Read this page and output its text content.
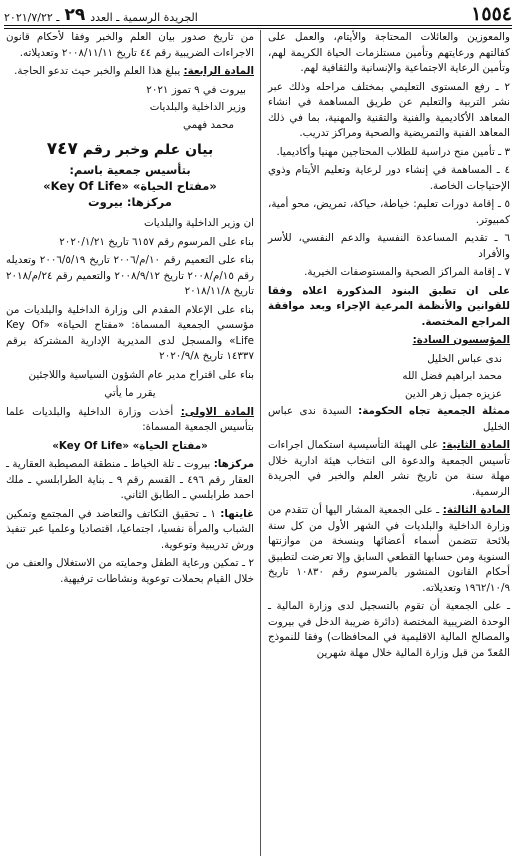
١٥٥٤
الجريدة الرسمية ـ العدد
٢٩
ـ ٢٠٢١/٧/٢٢

والمعوزين والعائلات المحتاجة والأيتام، والعمل على كفالتهم ورعايتهم وتأمين مستلزمات الحياة الكريمة لهم، وتأمين الرعاية الاجتماعية والإنسانية والثقافية لهم.

٢ ـ رفع المستوى التعليمي بمختلف مراحله وذلك عبر نشر التربية والتعليم عن طريق المساهمة في انشاء المعاهد الأكاديمية والفنية والتقنية والمهنية، بما في ذلك المعاهد الفنية والتمريضية والصحية ومراكز تدريب.

٣ ـ تأمين منح دراسية للطلاب المحتاجين مهنيا وأكاديميا.

٤ ـ المساهمة في إنشاء دور لرعاية وتعليم الأيتام وذوي الإحتياجات الخاصة.

٥ ـ إقامة دورات تعليم: خياطة، حياكة، تمريض، محو أمية، كمبيوتر.

٦ ـ تقديم المساعدة النفسية والدعم النفسي، للأسر والأفراد

٧ ـ إقامة المراكز الصحية والمستوصفات الخيرية.

على ان تطبق البنود المذكورة اعلاه وفقا للقوانين والأنظمة المرعية الإجراء وبعد موافقة المراجع المختصة.

المؤسسون السادة:

ندى عباس الخليل

محمد ابراهيم فضل الله

عزيزه جميل زهر الدين

ممثلة الجمعية تجاه الحكومة: السيدة ندى عباس الخليل

المادة الثانية: على الهيئة التأسيسية استكمال اجراءات تأسيس الجمعية والدعوة الى انتخاب هيئة ادارية خلال مهلة سنة من تاريخ نشر العلم والخبر في الجريدة الرسمية.

المادة الثالثة: ـ على الجمعية المشار اليها أن تتقدم من وزارة الداخلية والبلديات في الشهر الأول من كل سنة بلائحة تتضمن أسماء أعضائها وبنسخة من موازنتها السنوية ومن حسابها القطعي السابق وإلا تعرضت لتطبيق أحكام القانون المنشور بالمرسوم رقم ١٠٨٣٠ تاريخ ١٩٦٢/١٠/٩ وتعديلاته.

ـ على الجمعية أن تقوم بالتسجيل لدى وزارة المالية ـ الوحدة الضريبية المختصة (دائرة ضريبة الدخل في بيروت والمصالح المالية الاقليمية في المحافظات) وفقا للنموذج المُعدّ من قبل وزارة المالية خلال مهلة شهرين

من تاريخ صدور بيان العلم والخبر وفقا لأحكام قانون الاجراءات الضريبية رقم ٤٤ تاريخ ٢٠٠٨/١١/١١ وتعديلاته.

المادة الرابعة: يبلغ هذا العلم والخبر حيث تدعو الحاجة.

بيروت في ٩ تموز ٢٠٢١

وزير الداخلية والبلديات

محمد فهمي

بيان علم وخبر رقم ٧٤٧
بتأسيس جمعية باسم:
«مفتاح الحياة» «Key Of Life»
مركزها: بيروت

ان وزير الداخلية والبلديات

بناء على المرسوم رقم ٦١٥٧ تاريخ ٢٠٢٠/١/٢١

بناء على التعميم رقم ١٠/م/٢٠٠٦ تاريخ ٢٠٠٦/٥/١٩ وتعديله رقم ١٥/م/٢٠٠٨ تاريخ ٢٠٠٨/٩/١٢ والتعميم رقم ٢٤/م/٢٠١٨ تاريخ ٢٠١٨/١١/٨

بناء على الإعلام المقدم الى وزارة الداخلية والبلديات من مؤسسي الجمعية المسماة: «مفتاح الحياة» «Key Of Life» والمسجل لدى المديرية الإدارية المشتركة برقم ١٤٣٣٧ تاريخ ٢٠٢٠/٩/٨

بناء على اقتراح مدير عام الشؤون السياسية واللاجئين

يقرر ما يأتي

المادة الاولى: أخذت وزارة الداخلية والبلديات علما بتأسيس الجمعية المسماة:

«مفتاح الحياة» «Key Of Life»

مركزها: بيروت ـ تلة الخياط ـ منطقة المصيطبة العقارية ـ العقار رقم ٤٩٦ ـ القسم رقم ٩ ـ بناية الطرابلسي ـ ملك احمد طرابلسي ـ الطابق الثاني.

غايتها: ١ ـ تحقيق التكاتف والتعاضد في المجتمع وتمكين الشباب والمرأة نفسيا، اجتماعيا، اقتصاديا وعلميا عبر تنفيذ ورش تدريبية وتوعوية.

٢ ـ تمكين ورعاية الطفل وحمايته من الاستغلال والعنف من خلال القيام بحملات توعوية ونشاطات ترفيهية.
